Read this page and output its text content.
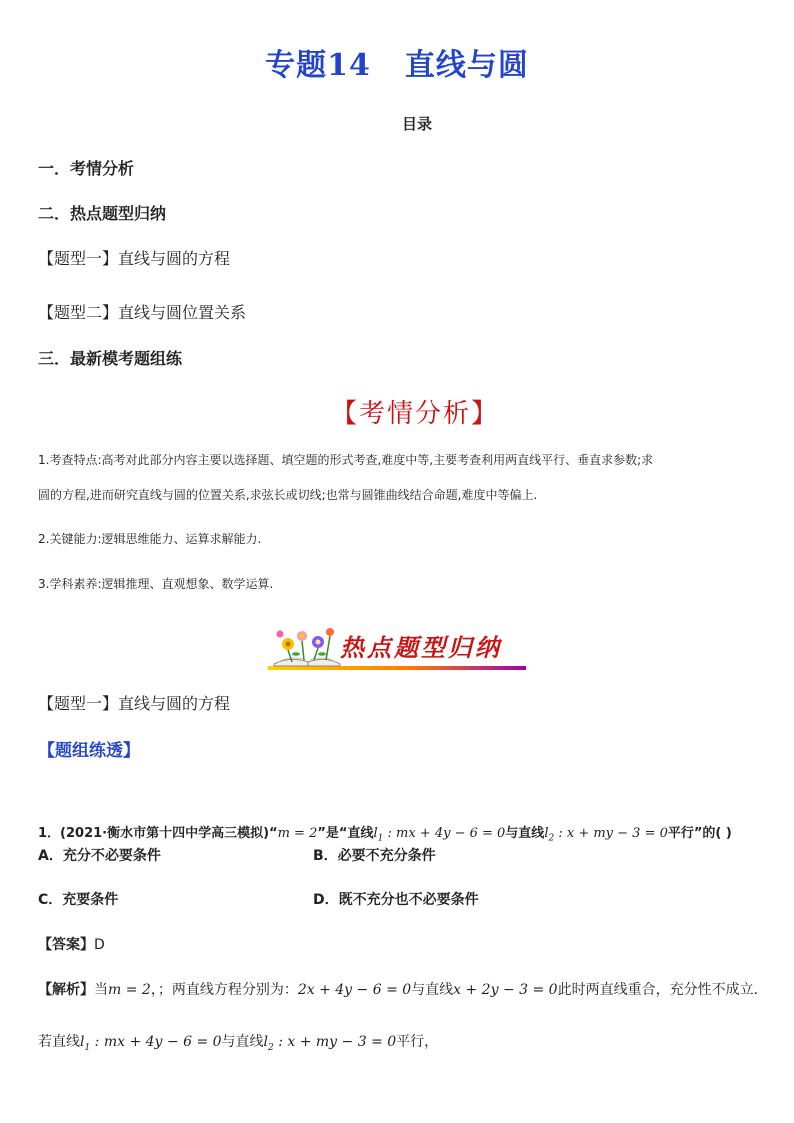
专题14 直线与圆
目录
一．考情分析
二．热点题型归纳
【题型一】直线与圆的方程
【题型二】直线与圆位置关系
三．最新模考题组练
【考情分析】
1.考查特点:高考对此部分内容主要以选择题、填空题的形式考查,难度中等,主要考查利用两直线平行、垂直求参数;求
圆的方程,进而研究直线与圆的位置关系,求弦长或切线;也常与圆锥曲线结合命题,难度中等偏上.
2.关键能力:逻辑思维能力、运算求解能力.
3.学科素养:逻辑推理、直观想象、数学运算.
热点题型归纳
【题型一】直线与圆的方程
【题组练透】
1．(2021·衡水市第十四中学高三模拟)“m = 2”是“直线$l_1$ : mx + 4y − 6 = 0与直线$l_2$ : x + my − 3 = 0平行”的( )
A．充分不必要条件	B．必要不充分条件
C．充要条件	D．既不充分也不必要条件
【答案】D
【解析】当m = 2，；两直线方程分别为：2x + 4y − 6 = 0与直线x + 2y − 3 = 0此时两直线重合，充分性不成立．
若直线$l_1$ : mx + 4y − 6 = 0与直线$l_2$ : x + my − 3 = 0平行，
